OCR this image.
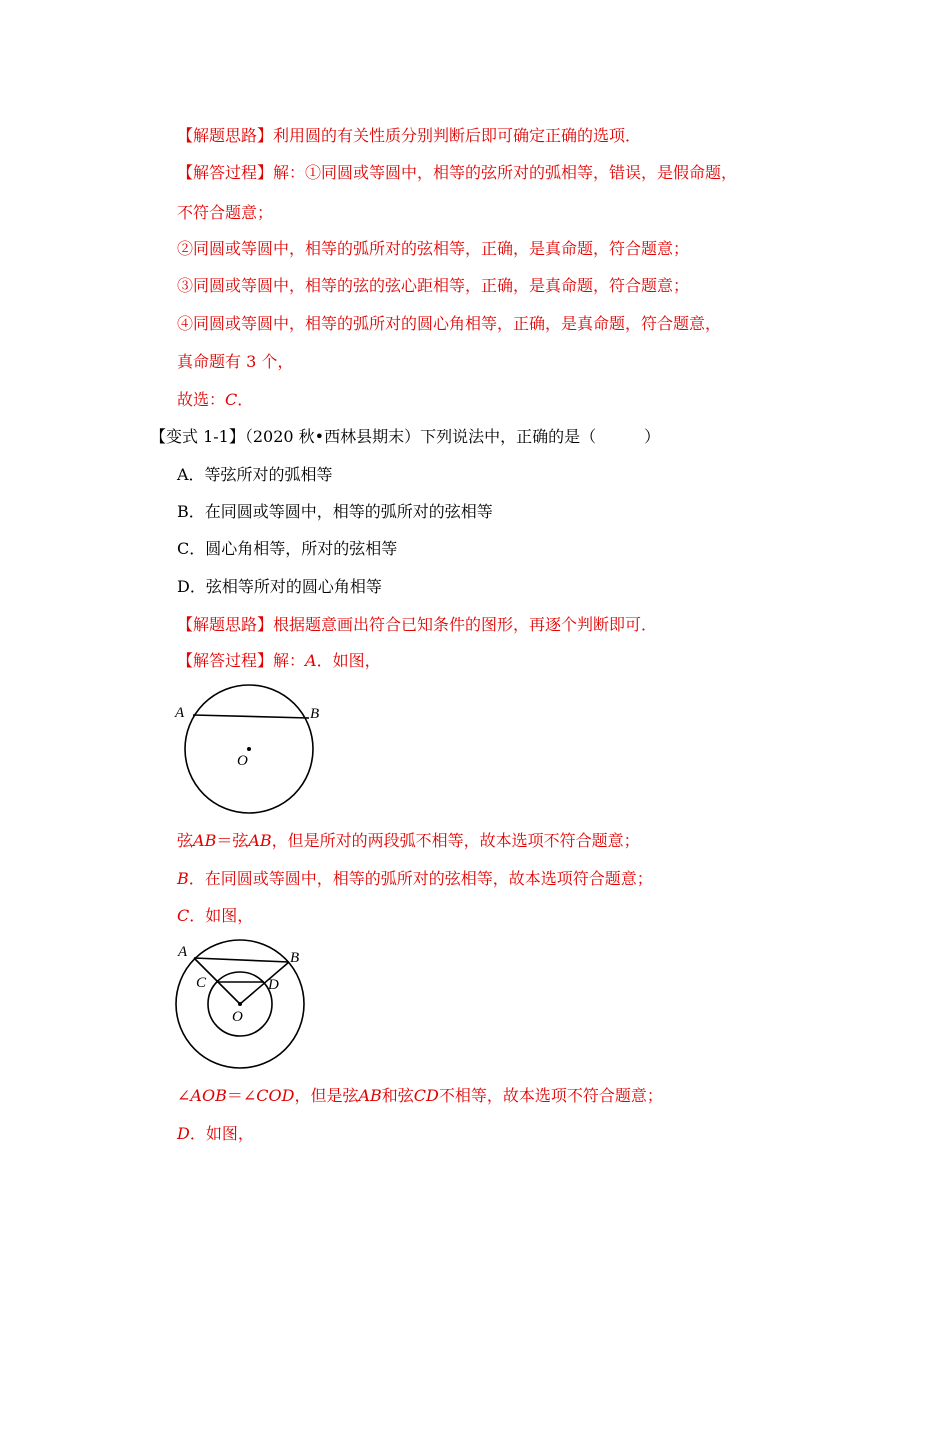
【解题思路】利用圆的有关性质分别判断后即可确定正确的选项．
【解答过程】解：①同圆或等圆中，相等的弦所对的弧相等，错误，是假命题，
不符合题意；
②同圆或等圆中，相等的弧所对的弦相等，正确，是真命题，符合题意；
③同圆或等圆中，相等的弦的弦心距相等，正确，是真命题，符合题意；
④同圆或等圆中，相等的弧所对的圆心角相等，正确，是真命题，符合题意，
真命题有 3 个，
故选：C．
【变式 1-1】（2020 秋•西林县期末）下列说法中，正确的是（　　　）
A．等弦所对的弧相等
B．在同圆或等圆中，相等的弧所对的弦相等
C．圆心角相等，所对的弦相等
D．弦相等所对的圆心角相等
【解题思路】根据题意画出符合已知条件的图形，再逐个判断即可．
【解答过程】解：A．如图，
A	B
O
弦AB＝弦AB，但是所对的两段弧不相等，故本选项不符合题意；
B．在同圆或等圆中，相等的弧所对的弦相等，故本选项符合题意；
C．如图，
A	B
C	D
O
∠AOB＝∠COD，但是弦AB和弦CD不相等，故本选项不符合题意；
D．如图，
